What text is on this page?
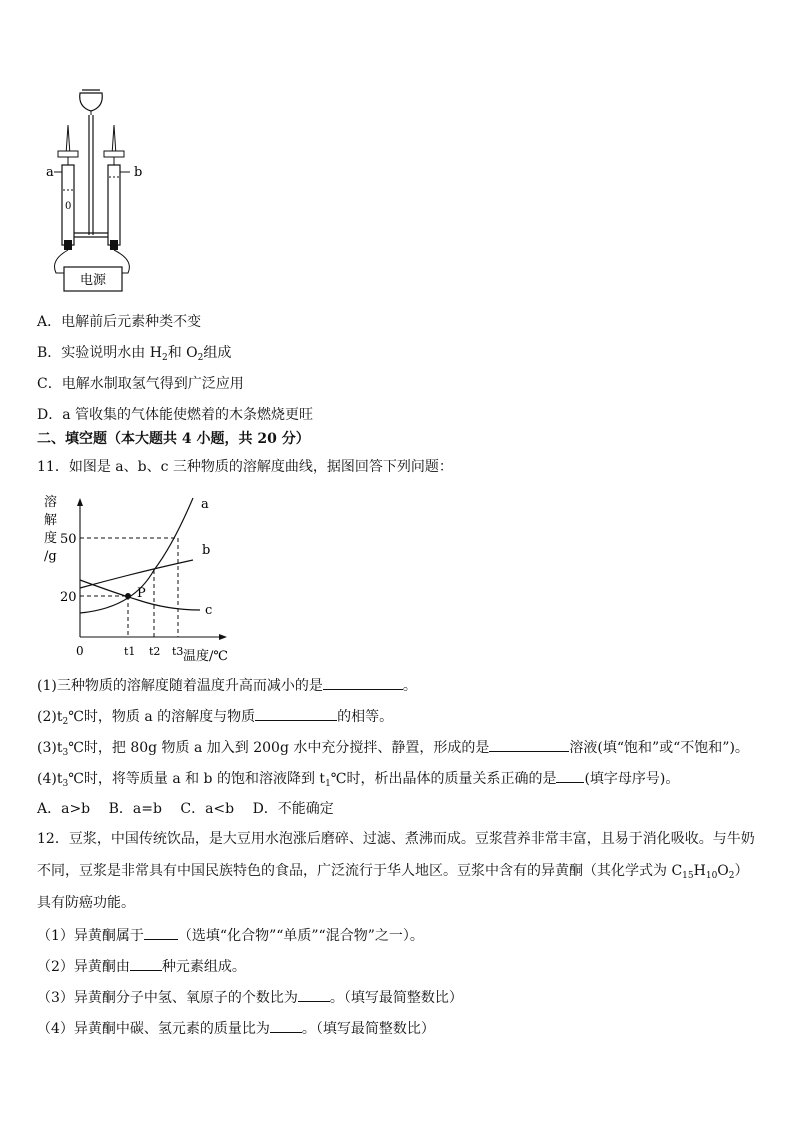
电源
a	b
0
A．电解前后元素种类不变
B．实验说明水由 $H_2$和 $O_2$组成
C．电解水制取氢气得到广泛应用
D．a 管收集的气体能使燃着的木条燃烧更旺
二、填空题（本大题共 4 小题，共 20 分）
11．如图是 a、b、c 三种物质的溶解度曲线，据图回答下列问题：
溶
解
度
/g
50
20
0	t1 t2 t3 温度/℃
P
a
b
c
(1)三种物质的溶解度随着温度升高而减小的是	。
$(2)t_2℃$时，物质 a 的溶解度与物质	的相等。
$(3)t_3℃$时，把 80g 物质 a 加入到 200g 水中充分搅拌、静置，形成的是	溶液(填“饱和”或“不饱和”)。
$(4)t_3℃$时，将等质量 a 和 b 的饱和溶液降到 $t_1℃$时，析出晶体的质量关系正确的是 (填字母序号)。
A．a>b　 B．a=b　 C．a<b　 D．不能确定
12．豆浆，中国传统饮品，是大豆用水泡涨后磨碎、过滤、煮沸而成。豆浆营养非常丰富，且易于消化吸收。与牛奶不同，豆浆是非常具有中国民族特色的食品，广泛流行于华人地区。豆浆中含有的异黄酮（其化学式为 $C_{15}H_{10}O_2$）具有防癌功能。
（1）异黄酮属于 （选填“化合物”“单质”“混合物”之一）。
（2）异黄酮由 种元素组成。
（3）异黄酮分子中氢、氧原子的个数比为 。（填写最简整数比）
（4）异黄酮中碳、氢元素的质量比为 。（填写最简整数比）
